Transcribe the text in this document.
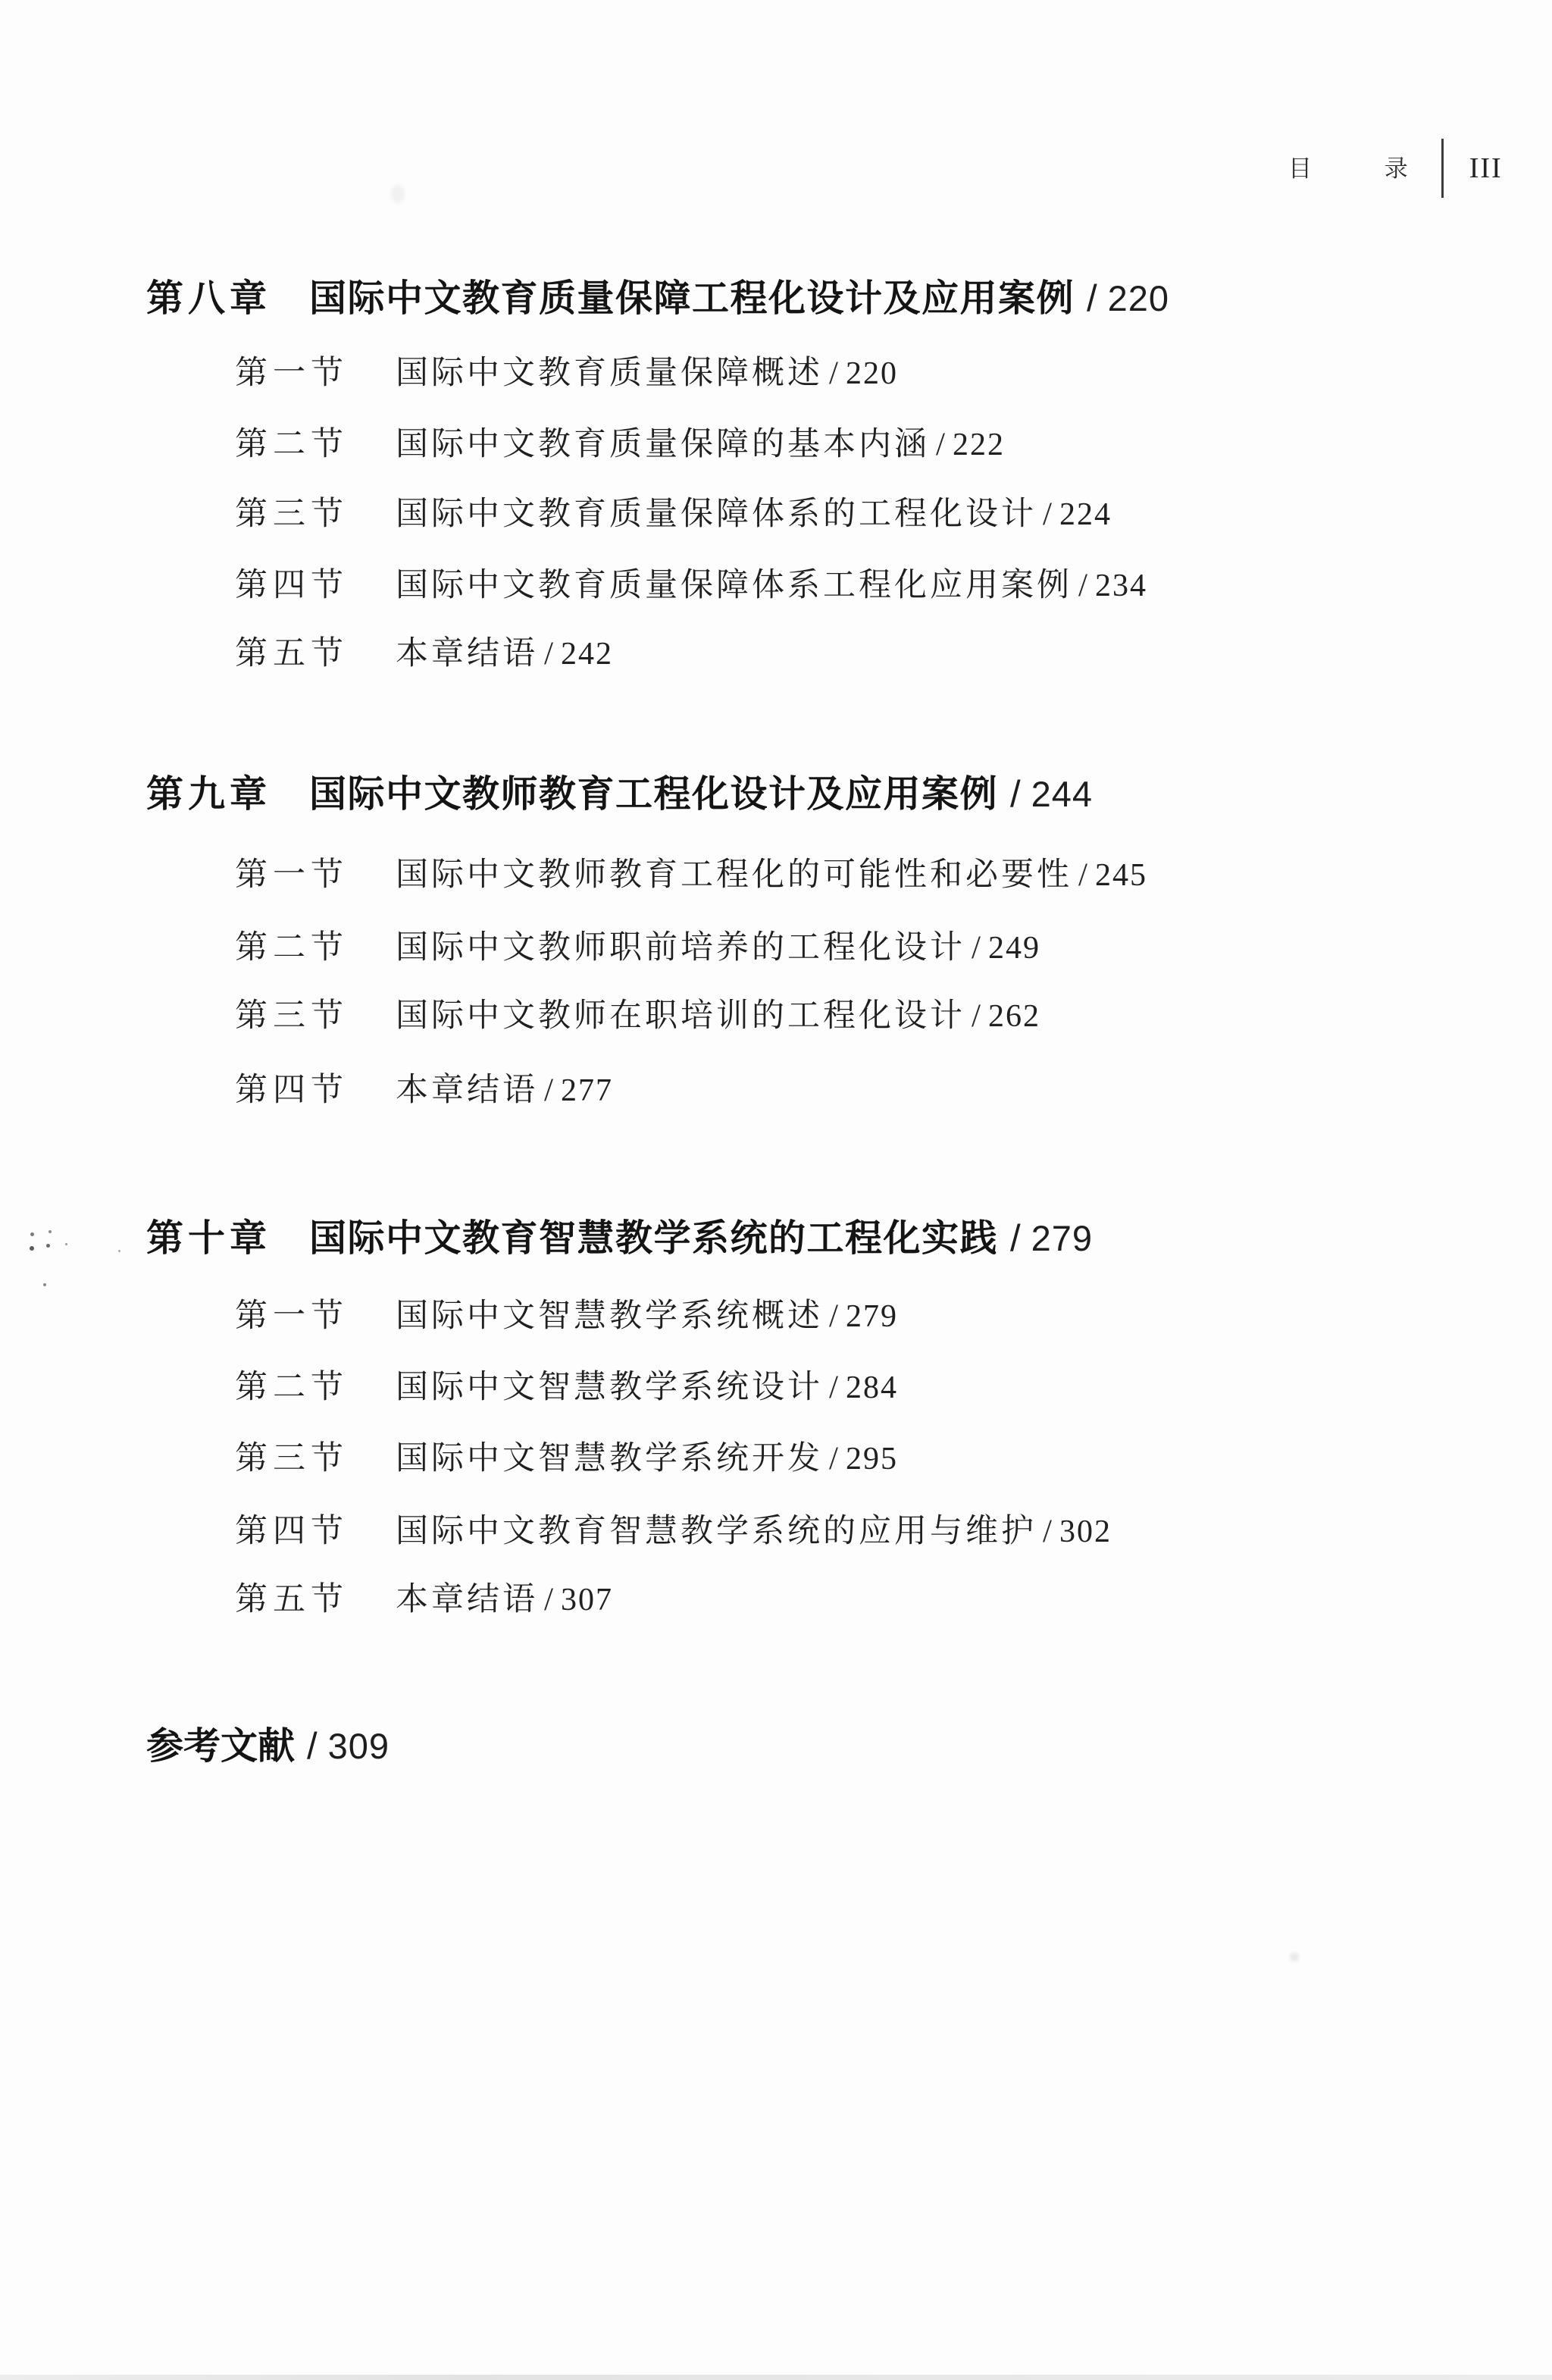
目 录 III
第八章 国际中文教育质量保障工程化设计及应用案例 / 220
第一节 国际中文教育质量保障概述 / 220
第二节 国际中文教育质量保障的基本内涵 / 222
第三节 国际中文教育质量保障体系的工程化设计 / 224
第四节 国际中文教育质量保障体系工程化应用案例 / 234
第五节 本章结语 / 242
第九章 国际中文教师教育工程化设计及应用案例 / 244
第一节 国际中文教师教育工程化的可能性和必要性 / 245
第二节 国际中文教师职前培养的工程化设计 / 249
第三节 国际中文教师在职培训的工程化设计 / 262
第四节 本章结语 / 277
第十章 国际中文教育智慧教学系统的工程化实践 / 279
第一节 国际中文智慧教学系统概述 / 279
第二节 国际中文智慧教学系统设计 / 284
第三节 国际中文智慧教学系统开发 / 295
第四节 国际中文教育智慧教学系统的应用与维护 / 302
第五节 本章结语 / 307
参考文献 / 309
